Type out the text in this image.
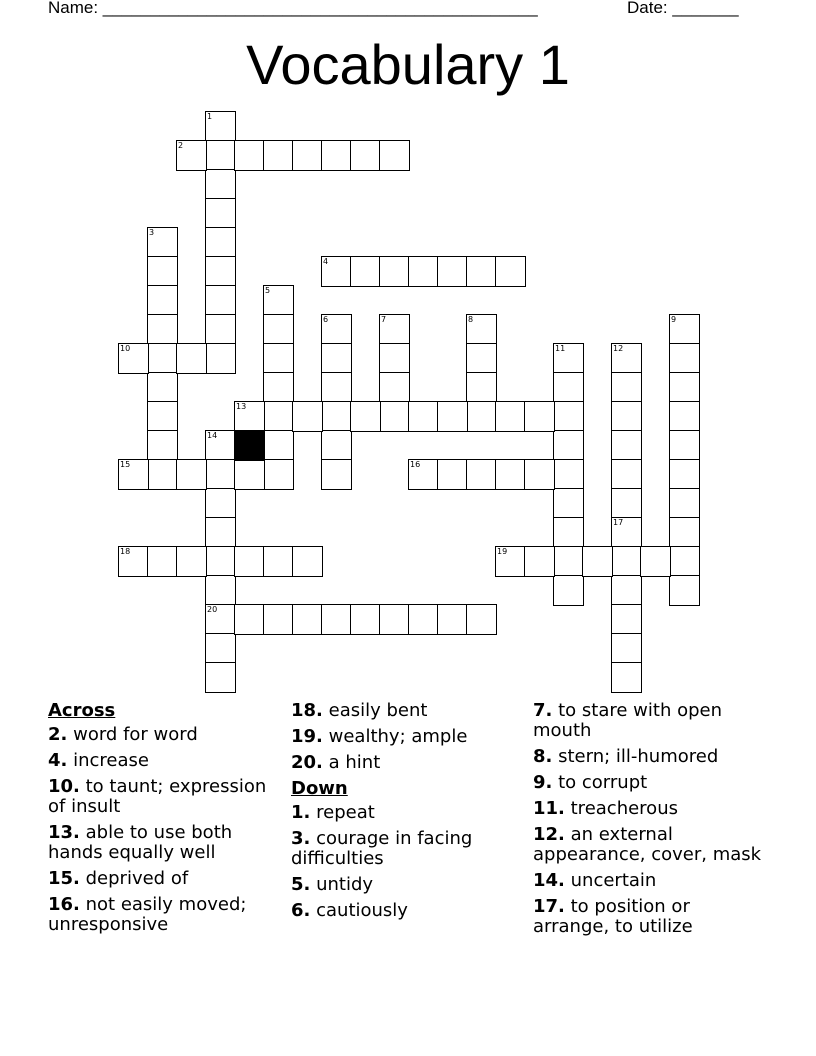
Name: ______________________________________________	Date: _______
Vocabulary 1
1
2
3
4
5
6	7	8	9
10	11	12
13
14
20
15	16
17
18	19
Across
2. word for word
4. increase
10. to taunt; expression of insult
13. able to use both hands equally well
15. deprived of
16. not easily moved; unresponsive
18. easily bent
19. wealthy; ample
20. a hint
Down
1. repeat
3. courage in facing difficulties
5. untidy
6. cautiously
7. to stare with open mouth
8. stern; ill-humored
9. to corrupt
11. treacherous
12. an external appearance, cover, mask
14. uncertain
17. to position or arrange, to utilize
